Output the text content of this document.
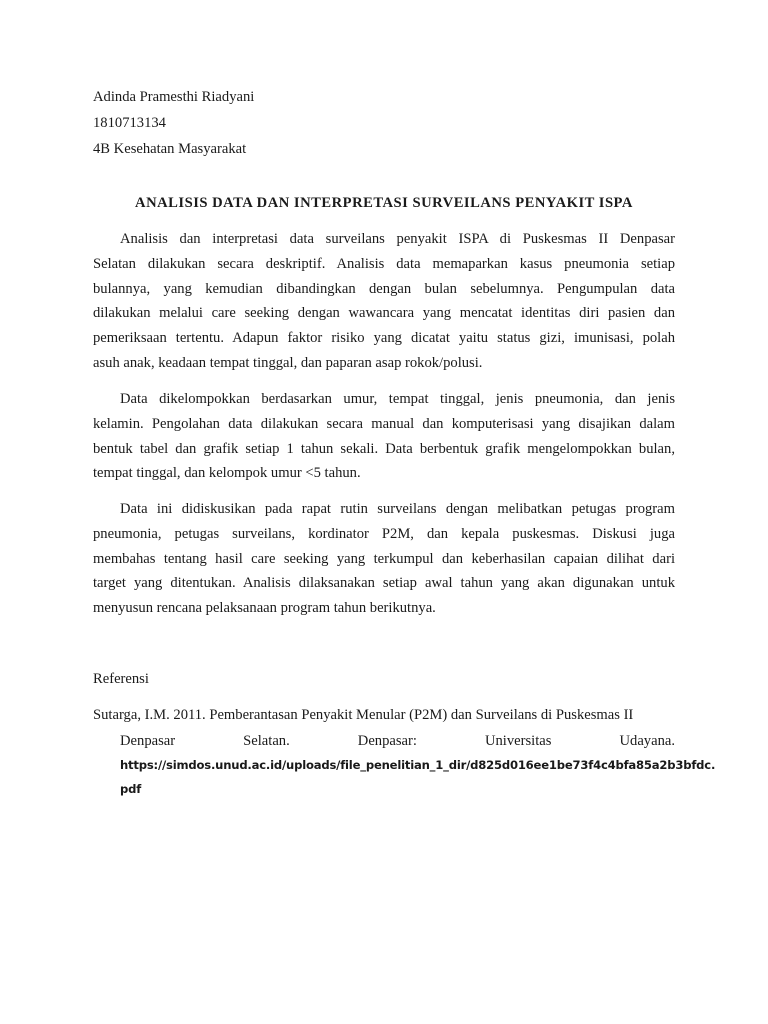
Adinda Pramesthi Riadyani

1810713134

4B Kesehatan Masyarakat

ANALISIS DATA DAN INTERPRETASI SURVEILANS PENYAKIT ISPA
Analisis dan interpretasi data surveilans penyakit ISPA di Puskesmas II Denpasar
Selatan dilakukan secara deskriptif. Analisis data memaparkan kasus pneumonia setiap
bulannya, yang kemudian dibandingkan dengan bulan sebelumnya. Pengumpulan data
dilakukan melalui care seeking dengan wawancara yang mencatat identitas diri pasien dan
pemeriksaan tertentu. Adapun faktor risiko yang dicatat yaitu status gizi, imunisasi, polah
asuh anak, keadaan tempat tinggal, dan paparan asap rokok/polusi.
Data dikelompokkan berdasarkan umur, tempat tinggal, jenis pneumonia, dan jenis
kelamin. Pengolahan data dilakukan secara manual dan komputerisasi yang disajikan dalam
bentuk tabel dan grafik setiap 1 tahun sekali. Data berbentuk grafik mengelompokkan bulan,
tempat tinggal, dan kelompok umur <5 tahun.
Data ini didiskusikan pada rapat rutin surveilans dengan melibatkan petugas program
pneumonia, petugas surveilans, kordinator P2M, dan kepala puskesmas. Diskusi juga
membahas tentang hasil care seeking yang terkumpul dan keberhasilan capaian dilihat dari
target yang ditentukan. Analisis dilaksanakan setiap awal tahun yang akan digunakan untuk
menyusun rencana pelaksanaan program tahun berikutnya.

Referensi

Sutarga, I.M. 2011. Pemberantasan Penyakit Menular (P2M) dan Surveilans di Puskesmas II

Denpasar Selatan. Denpasar: Universitas Udayana.
https://simdos.unud.ac.id/uploads/file_penelitian_1_dir/d825d016ee1be73f4c4bfa85a2b3bfdc.
pdf
